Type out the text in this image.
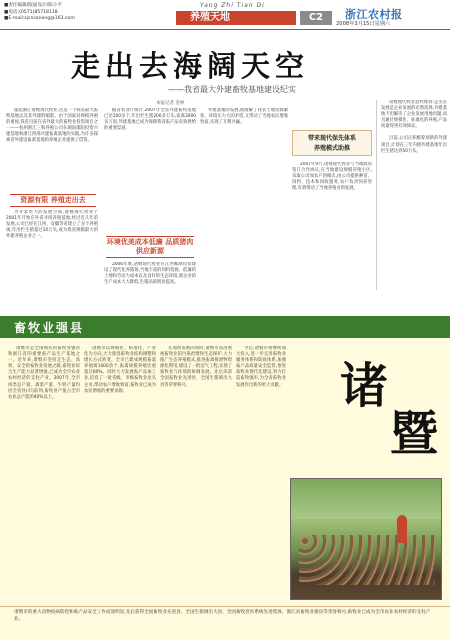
■责任编辑/版面设计/陈小平
■电话:(0571)85718118
■E-mail:zjcnsanong@163.com
Yang Zhi Tian Di
养殖天地	C2	浙江农村报
2008年3月15日星期六
走出去海阔天空
——我省最大外建畜牧基地建设纪实
本报记者 金林

提起浙江诸暨现代牧业,这是一个我省最大畜牧基地以及其外建的缩影。由于国家对规模养殖的重视,我省目前在省外最大的畜牧业投资项目之一——杭州浙江三和养殖公司在湖南邵阳投资兴建基地和浙江西部兴建畜禽基地的实践,为许多探索省外建设畜禽基地的养殖企业提供了借鉴。

资源有限 养殖走出去

为寻求更大的发展空间,诸暨现代牧业于2001年开始在外省寻找养殖基地,经过近几年的发展,公司已经在江西、安徽等省建立了多个养殖场,年出栏生猪超过10万头,成为我省规模最大的外建养殖企业之一。

据省农业厅统计,2007年全省外建畜牧基地已达100多个,年出栏生猪200多万头,家禽3000多万羽,外建基地已成为保障我省畜产品有效供给的重要渠道。

环境优美成本低廉 品质猪肉供应新源

2006年底,诸暨现代牧业在江西鹰潭投资建设了现代化养猪场,当地丰富的饲料资源、低廉的土地和劳动力成本以及良好的生态环境,使企业的生产成本大大降低,生猪品质明显提高。

外建基地的发展,既缓解了我省土地资源紧张、环境压力大的矛盾,又带动了当地农民增收致富,实现了互利共赢。

带来现代保先体系
养殖模式助推

2007年9月,诸暨现代牧业与当地政府签订合作协议,在当地建设规模养殖小区,采取公司加农户的模式,由公司提供种苗、饲料、技术和回收服务,农户负责饲养管理,有效带动了当地养殖业的发展。

诸暨现代牧业总经理说:走出去发展是企业发展的必然选择,外建基地不但解决了企业发展用地问题,而且通过规模化、标准化的养殖,产品质量得到有效保证。

目前,公司正积极筹划新的外建项目,计划在三年内使外建基地年出栏生猪达到50万头。

畜牧业强县
诸
暨

诸暨市是全国闻名的畜牧业强县和浙江省的重要畜产品生产基地之一。近年来,诸暨市坚持走生态、高效、安全的畜牧业发展之路,畜牧业综合生产能力显著增强,已成为全市农业农村经济的支柱产业。2007年,全市肉类总产量、禽蛋产量、牛奶产量均居全省县(市)前列,畜牧业产值占全市农业总产值的40%以上。

诸暨市以规模化、标准化、产业化为方向,大力推进畜牧业结构调整和增长方式转变。全市已建成规模畜禽养殖场1000余个,畜禽规模养殖比重超过80%。同时大力发展畜产品加工业,培育了一批省级、市级畜牧业龙头企业,带动农户增收致富,畜牧业已成为农民增收的重要来源。

在加快发展的同时,诸暨市高度重视畜牧业的污染治理和生态保护,大力推广生态养殖模式,推进畜禽排泄物资源化利用,建设了一批沼气工程,实现了畜牧业与环境的协调发展。先后荣获全国畜牧业先进县、全国生猪调出大县等荣誉称号。

今后,诸暨市将继续加大投入,进一步完善畜牧业服务体系和防疫体系,加强畜产品质量安全监管,推进畜牧业现代化建设,努力打造畜牧强市,为全省畜牧业发展作出新的更大贡献。

诸暨市的重大动物疫病防控和畜产品安全工作成效明显,先后获得全国畜牧业先进县、全国生猪调出大县、全国畜牧兽医系统先进集体、浙江省畜牧业强县等荣誉称号,畜牧业已成为全市农业农村经济的支柱产业。
